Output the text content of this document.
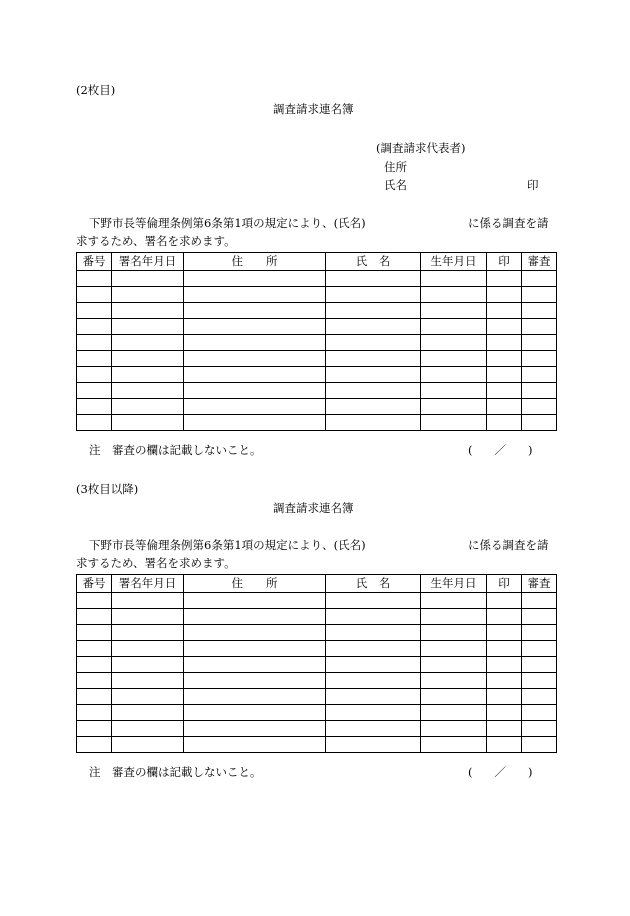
(2枚目)
調査請求連名簿
(調査請求代表者)
住所
氏名	印
下野市長等倫理条例第6条第1項の規定により、(氏名)	に係る調査を請
求するため、署名を求めます。
番号	署名年月日	住　　所	氏　名	生年月日	印	審査

注　審査の欄は記載しないこと。	( ／ )
(3枚目以降)
調査請求連名簿
下野市長等倫理条例第6条第1項の規定により、(氏名)	に係る調査を請
求するため、署名を求めます。
番号	署名年月日	住　　所	氏　名	生年月日	印	審査

注　審査の欄は記載しないこと。	( ／ )
